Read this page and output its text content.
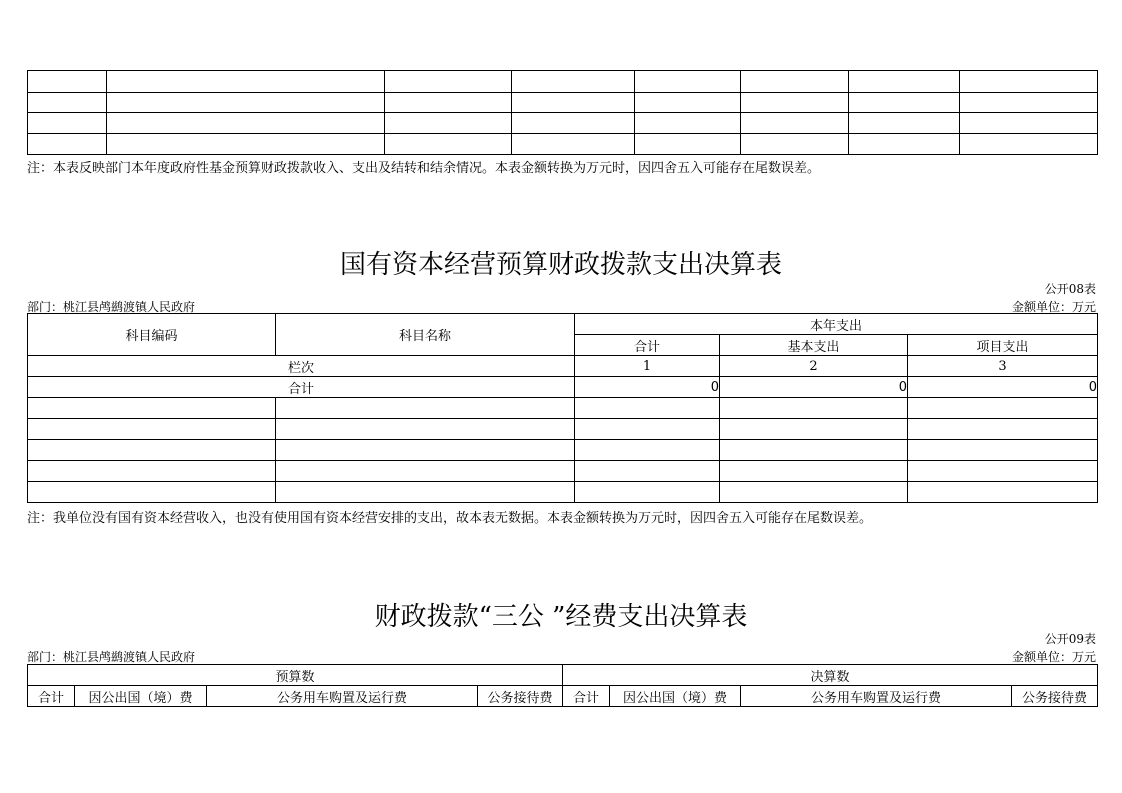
注：本表反映部门本年度政府性基金预算财政拨款收入、支出及结转和结余情况。本表金额转换为万元时，因四舍五入可能存在尾数误差。
国有资本经营预算财政拨款支出决算表
公开08表
部门：桃江县鸬鹚渡镇人民政府	金额单位：万元
科目编码	科目名称	本年支出		
		合计	基本支出	项目支出
栏次		1	2	3
合计		0	0	0

注：我单位没有国有资本经营收入，也没有使用国有资本经营安排的支出，故本表无数据。本表金额转换为万元时，因四舍五入可能存在尾数误差。
财政拨款“三公 ”经费支出决算表
公开09表
部门：桃江县鸬鹚渡镇人民政府	金额单位：万元
预算数				决算数			
合计	因公出国（境）费	公务用车购置及运行费	公务接待费	合计	因公出国（境）费	公务用车购置及运行费	公务接待费
